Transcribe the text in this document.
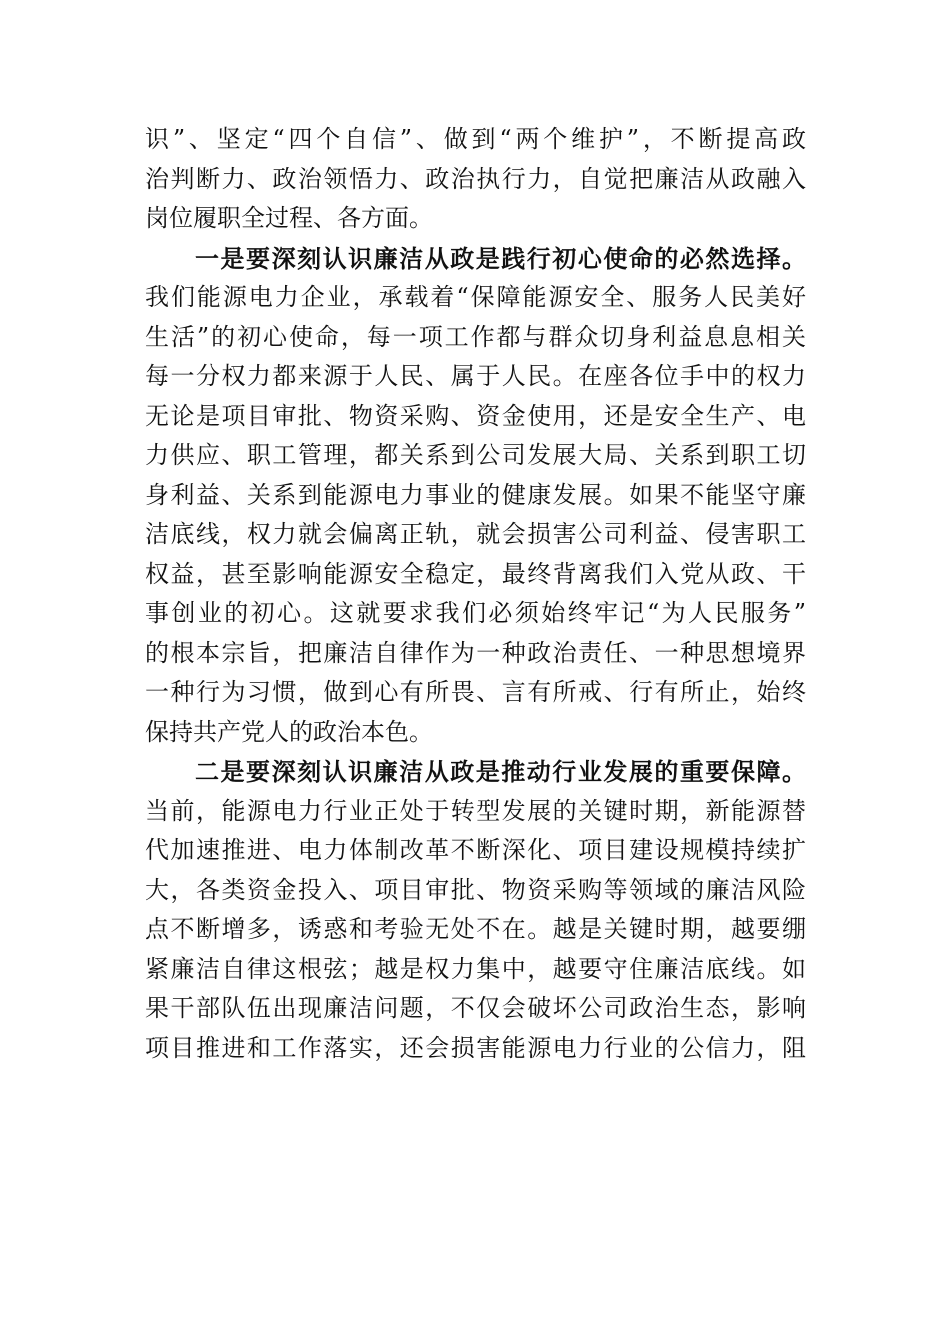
识”、坚定“四个自信”、做到“两个维护”，不断提高政
治判断力、政治领悟力、政治执行力，自觉把廉洁从政融入
岗位履职全过程、各方面。
一是要深刻认识廉洁从政是践行初心使命的必然选择。
我们能源电力企业，承载着“保障能源安全、服务人民美好
生活”的初心使命，每一项工作都与群众切身利益息息相关
每一分权力都来源于人民、属于人民。在座各位手中的权力
无论是项目审批、物资采购、资金使用，还是安全生产、电
力供应、职工管理，都关系到公司发展大局、关系到职工切
身利益、关系到能源电力事业的健康发展。如果不能坚守廉
洁底线，权力就会偏离正轨，就会损害公司利益、侵害职工
权益，甚至影响能源安全稳定，最终背离我们入党从政、干
事创业的初心。这就要求我们必须始终牢记“为人民服务”
的根本宗旨，把廉洁自律作为一种政治责任、一种思想境界
一种行为习惯，做到心有所畏、言有所戒、行有所止，始终
保持共产党人的政治本色。
二是要深刻认识廉洁从政是推动行业发展的重要保障。
当前，能源电力行业正处于转型发展的关键时期，新能源替
代加速推进、电力体制改革不断深化、项目建设规模持续扩
大，各类资金投入、项目审批、物资采购等领域的廉洁风险
点不断增多，诱惑和考验无处不在。越是关键时期，越要绷
紧廉洁自律这根弦；越是权力集中，越要守住廉洁底线。如
果干部队伍出现廉洁问题，不仅会破坏公司政治生态，影响
项目推进和工作落实，还会损害能源电力行业的公信力，阻
